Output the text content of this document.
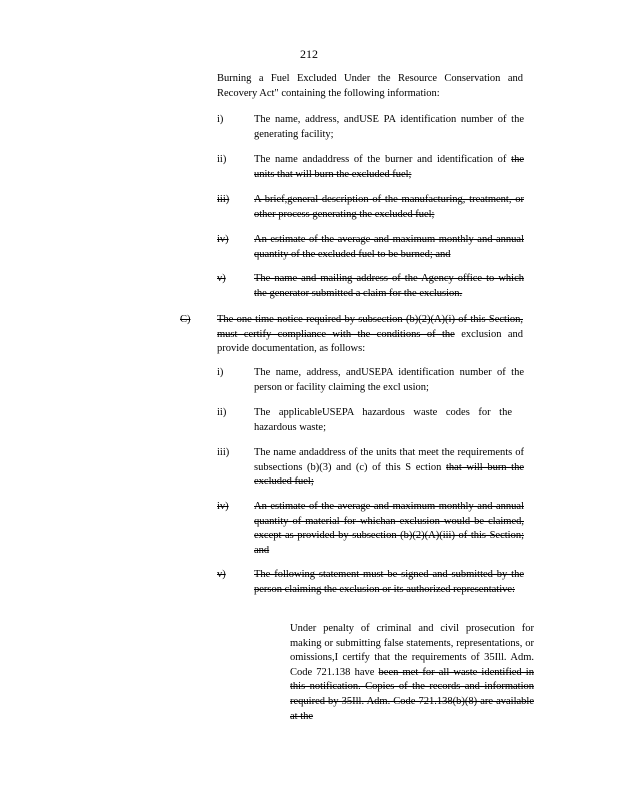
212
Burning a Fuel Excluded Under the Resource Conservation and Recovery Act" containing the following information:
i)	The name, address, andUSE PA identification number of the generating facility;
ii)	The name andaddress of the burner and identification of the units that will burn the excluded fuel;
iii) A brief,general description of the manufacturing, treatment, or other process generating the excluded fuel;
iv) An estimate of the average and maximum monthly and annual quantity of the excluded fuel to be burned; and
v)	The name and mailing address of the Agency office to which the generator submitted a claim for the exclusion.
C)	The one time notice required by subsection (b)(2)(A)(i) of this Section, must certify compliance with the conditions of the exclusion and provide documentation, as follows:
i)	The name, address, andUSEPA identification number of the person or facility claiming the excl usion;
ii)	The applicableUSEPA hazardous waste codes for the hazardous waste;
iii) The name andaddress of the units that meet the requirements of subsections (b)(3) and (c) of this S ection that will burn the excluded fuel;
iv) An estimate of the average and maximum monthly and annual quantity of material for whichan exclusion would be claimed, except as provided by subsection (b)(2)(A)(iii) of this Section; and
v)	The following statement must be signed and submitted by the person claiming the exclusion or its authorized representative:
Under penalty of criminal and civil prosecution for making or submitting false statements, representations, or omissions,I certify that the requirements of 35Ill. Adm. Code 721.138 have been met for all waste identified in this notification. Copies of the records and information required by 35Ill. Adm. Code 721.138(b)(8) are available at the
